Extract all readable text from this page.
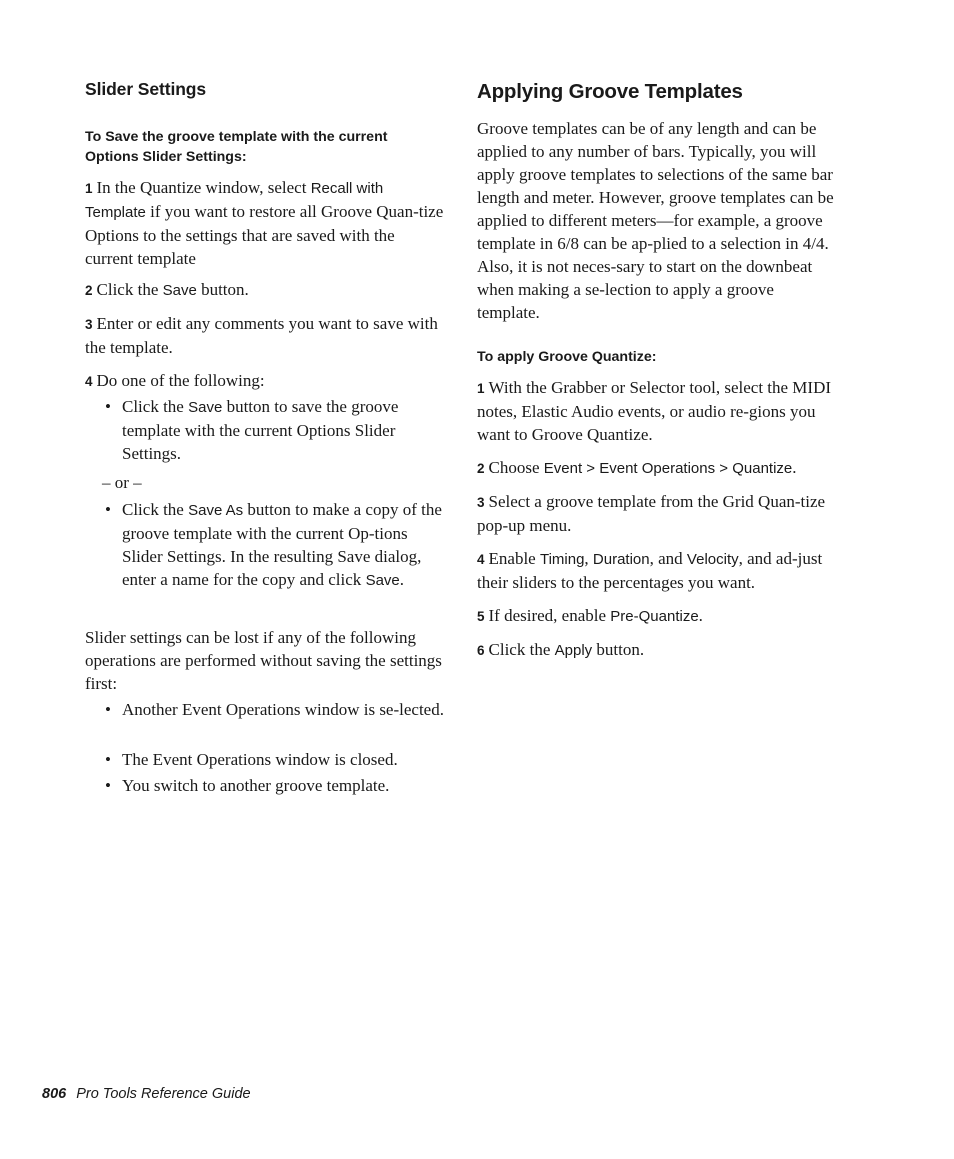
Slider Settings
To Save the groove template with the current Options Slider Settings:

1 In the Quantize window, select Recall with Template if you want to restore all Groove Quan-tize Options to the settings that are saved with the current template

2 Click the Save button.

3 Enter or edit any comments you want to save with the template.

4 Do one of the following:

• Click the Save button to save the groove template with the current Options Slider Settings.

– or –

• Click the Save As button to make a copy of the groove template with the current Op-tions Slider Settings. In the resulting Save dialog, enter a name for the copy and click Save.

Slider settings can be lost if any of the following operations are performed without saving the settings first:

• Another Event Operations window is se-lected.

• The Event Operations window is closed.

• You switch to another groove template.

Applying Groove Templates

Groove templates can be of any length and can be applied to any number of bars. Typically, you will apply groove templates to selections of the same bar length and meter. However, groove templates can be applied to different meters—for example, a groove template in 6/8 can be ap-plied to a selection in 4/4. Also, it is not neces-sary to start on the downbeat when making a se-lection to apply a groove template.

To apply Groove Quantize:

1 With the Grabber or Selector tool, select the MIDI notes, Elastic Audio events, or audio re-gions you want to Groove Quantize.

2 Choose Event > Event Operations > Quantize.

3 Select a groove template from the Grid Quan-tize pop-up menu.

4 Enable Timing, Duration, and Velocity, and ad-just their sliders to the percentages you want.

5 If desired, enable Pre-Quantize.

6 Click the Apply button.

806 Pro Tools Reference Guide
